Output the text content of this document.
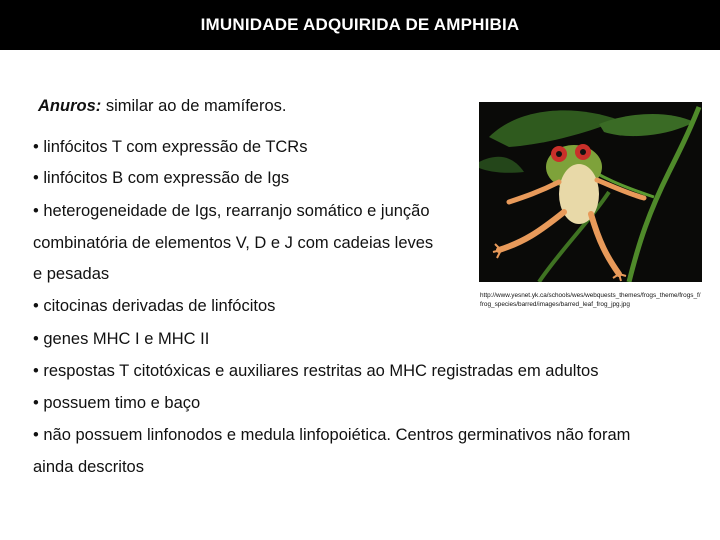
IMUNIDADE ADQUIRIDA DE AMPHIBIA
Anuros: similar ao de mamíferos.
• linfócitos T com expressão de TCRs
• linfócitos B com expressão de Igs
• heterogeneidade de Igs, rearranjo somático e junção
combinatória de elementos V, D e J com cadeias leves
e pesadas
• citocinas derivadas de linfócitos
• genes MHC I e MHC II
• respostas T citotóxicas e auxiliares restritas ao MHC registradas em adultos
• possuem timo e baço
• não possuem linfonodos e medula linfopoiética. Centros germinativos não foram
ainda descritos
http://www.yesnet.yk.ca/schools/wes/webquests_themes/frogs_theme/frogs_f/frog_species/barred/images/barred_leaf_frog_jpg.jpg
